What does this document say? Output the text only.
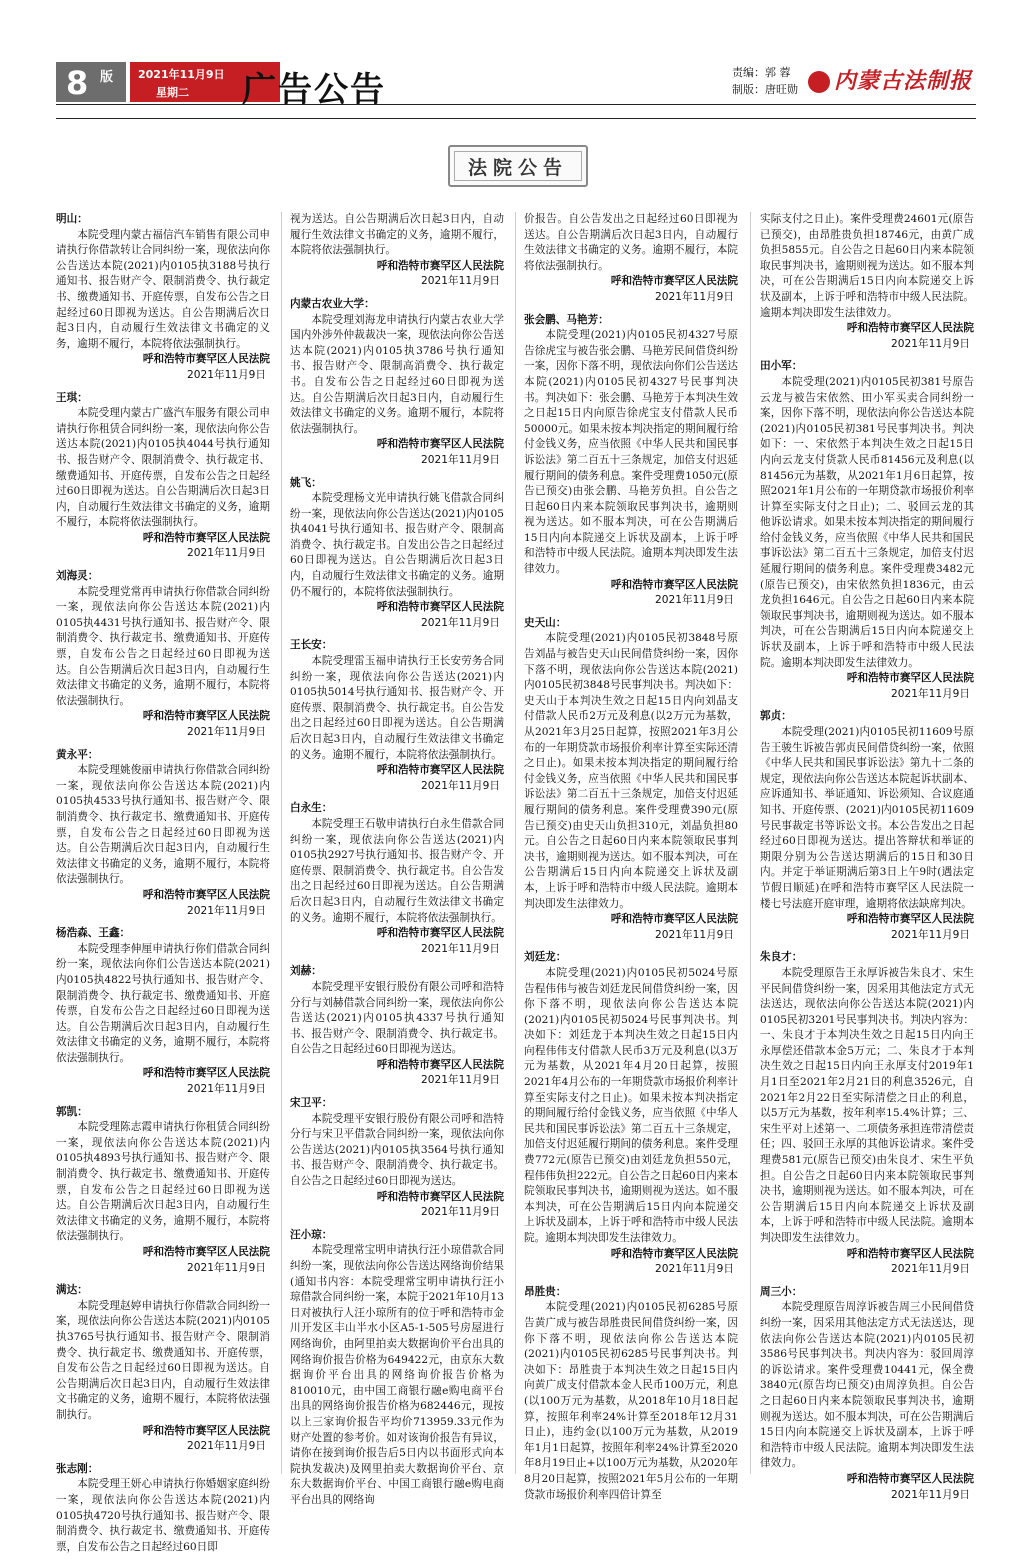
8 版 2021年11月9日
星期二 广告公告	责编：郭 蓉
制版：唐旺勋	内蒙古法制报
法院公告
明山：
本院受理内蒙古福信汽车销售有限公司申请执行你借款转让合同纠纷一案，现依法向你公告送达本院(2021)内0105执3188号执行通知书、报告财产令、限制消费令、执行裁定书、缴费通知书、开庭传票，自发布公告之日起经过60日即视为送达。自公告期满后次日起3日内，自动履行生效法律文书确定的义务，逾期不履行，本院将依法强制执行。
呼和浩特市赛罕区人民法院
2021年11月9日
王琪：
本院受理内蒙古广盛汽车服务有限公司申请执行你租赁合同纠纷一案，现依法向你公告送达本院(2021)内0105执4044号执行通知书、报告财产令、限制消费令、执行裁定书、缴费通知书、开庭传票，自发布公告之日起经过60日即视为送达。自公告期满后次日起3日内，自动履行生效法律文书确定的义务，逾期不履行，本院将依法强制执行。
呼和浩特市赛罕区人民法院
2021年11月9日
刘海灵：
本院受理党常再申请执行你借款合同纠纷一案，现依法向你公告送达本院(2021)内0105执4431号执行通知书、报告财产令、限制消费令、执行裁定书、缴费通知书、开庭传票，自发布公告之日起经过60日即视为送达。自公告期满后次日起3日内，自动履行生效法律文书确定的义务，逾期不履行，本院将依法强制执行。
呼和浩特市赛罕区人民法院
2021年11月9日
黄永平：
本院受理姚俊丽申请执行你借款合同纠纷一案，现依法向你公告送达本院(2021)内0105执4533号执行通知书、报告财产令、限制消费令、执行裁定书、缴费通知书、开庭传票，自发布公告之日起经过60日即视为送达。自公告期满后次日起3日内，自动履行生效法律文书确定的义务，逾期不履行，本院将依法强制执行。
呼和浩特市赛罕区人民法院
2021年11月9日
杨浩森、王鑫：
本院受理李伸厘申请执行你们借款合同纠纷一案，现依法向你们公告送达本院(2021)内0105执4822号执行通知书、报告财产令、限制消费令、执行裁定书、缴费通知书、开庭传票，自发布公告之日起经过60日即视为送达。自公告期满后次日起3日内，自动履行生效法律文书确定的义务，逾期不履行，本院将依法强制执行。
呼和浩特市赛罕区人民法院
2021年11月9日
郭凯：
本院受理陈志霞申请执行你租赁合同纠纷一案，现依法向你公告送达本院(2021)内0105执4893号执行通知书、报告财产令、限制消费令、执行裁定书、缴费通知书、开庭传票，自发布公告之日起经过60日即视为送达。自公告期满后次日起3日内，自动履行生效法律文书确定的义务，逾期不履行，本院将依法强制执行。
呼和浩特市赛罕区人民法院
2021年11月9日
满达：
本院受理赵婷申请执行你借款合同纠纷一案，现依法向你公告送达本院(2021)内0105执3765号执行通知书、报告财产令、限制消费令、执行裁定书、缴费通知书、开庭传票，自发布公告之日起经过60日即视为送达。自公告期满后次日起3日内，自动履行生效法律文书确定的义务，逾期不履行，本院将依法强制执行。
呼和浩特市赛罕区人民法院
2021年11月9日
张志刚：
本院受理王妍心申请执行你婚姻家庭纠纷一案，现依法向你公告送达本院(2021)内0105执4720号执行通知书、报告财产令、限制消费令、执行裁定书、缴费通知书、开庭传票，自发布公告之日起经过60日即
视为送达。自公告期满后次日起3日内，自动履行生效法律文书确定的义务，逾期不履行，本院将依法强制执行。
呼和浩特市赛罕区人民法院
2021年11月9日
内蒙古农业大学：
本院受理刘海龙申请执行内蒙古农业大学国内外涉外仲裁裁决一案，现依法向你公告送达本院(2021)内0105执3786号执行通知书、报告财产令、限制高消费令、执行裁定书。自发布公告之日起经过60日即视为送达。自公告期满后次日起3日内，自动履行生效法律文书确定的义务。逾期不履行，本院将依法强制执行。
呼和浩特市赛罕区人民法院
2021年11月9日
姚飞：
本院受理杨文光申请执行姚飞借款合同纠纷一案，现依法向你公告送达(2021)内0105执4041号执行通知书、报告财产令、限制高消费令、执行裁定书。自发出公告之日起经过60日即视为送达。自公告期满后次日起3日内，自动履行生效法律文书确定的义务。逾期仍不履行的，本院将依法强制执行。
呼和浩特市赛罕区人民法院
2021年11月9日
王长安：
本院受理雷玉福申请执行王长安劳务合同纠纷一案，现依法向你公告送达(2021)内0105执5014号执行通知书、报告财产令、开庭传票、限制消费令、执行裁定书。自公告发出之日起经过60日即视为送达。自公告期满后次日起3日内，自动履行生效法律文书确定的义务。逾期不履行，本院将依法强制执行。
呼和浩特市赛罕区人民法院
2021年11月9日
白永生：
本院受理王石敬申请执行白永生借款合同纠纷一案，现依法向你公告送达(2021)内0105执2927号执行通知书、报告财产令、开庭传票、限制消费令、执行裁定书。自公告发出之日起经过60日即视为送达。自公告期满后次日起3日内，自动履行生效法律文书确定的义务。逾期不履行，本院将依法强制执行。
呼和浩特市赛罕区人民法院
2021年11月9日
刘赫：
本院受理平安银行股份有限公司呼和浩特分行与刘赫借款合同纠纷一案，现依法向你公告送达(2021)内0105执4337号执行通知书、报告财产令、限制消费令、执行裁定书。自公告之日起经过60日即视为送达。
呼和浩特市赛罕区人民法院
2021年11月9日
宋卫平：
本院受理平安银行股份有限公司呼和浩特分行与宋卫平借款合同纠纷一案，现依法向你公告送达(2021)内0105执3564号执行通知书、报告财产令、限制消费令、执行裁定书。自公告之日起经过60日即视为送达。
呼和浩特市赛罕区人民法院
2021年11月9日
汪小琼：
本院受理常宝明申请执行汪小琼借款合同纠纷一案，现依法向你公告送达网络询价结果(通知书内容：本院受理常宝明申请执行汪小琼借款合同纠纷一案，本院于2021年10月13日对被执行人汪小琼所有的位于呼和浩特市金川开发区丰山半水小区A5-1-505号房屋进行网络询价，由阿里拍卖大数据询价平台出具的网络询价报告价格为649422元，由京东大数据询价平台出具的网络询价报告价格为810010元，由中国工商银行融e购电商平台出具的网络询价报告价格为682446元，现按以上三家询价报告平均价713959.33元作为财产处置的参考价。如对该询价报告有异议，请你在接到询价报告后5日内以书面形式向本院执发裁决)及网里拍卖大数据询价平台、京东大数据询价平台、中国工商银行融e购电商平台出具的网络询
价报告。自公告发出之日起经过60日即视为送达。自公告期满后次日起3日内，自动履行生效法律文书确定的义务。逾期不履行，本院将依法强制执行。
呼和浩特市赛罕区人民法院
2021年11月9日
张会鹏、马艳芳：
本院受理(2021)内0105民初4327号原告徐虎宝与被告张会鹏、马艳芳民间借贷纠纷一案，因你下落不明，现依法向你们公告送达本院(2021)内0105民初4327号民事判决书。判决如下：张会鹏、马艳芳于本判决生效之日起15日内向原告徐虎宝支付借款人民币50000元。如果未按本判决指定的期间履行给付金钱义务，应当依照《中华人民共和国民事诉讼法》第二百五十三条规定，加倍支付迟延履行期间的债务利息。案件受理费1050元(原告已预交)由张会鹏、马艳芳负担。自公告之日起60日内来本院领取民事判决书，逾期则视为送达。如不服本判决，可在公告期满后15日内向本院递交上诉状及副本，上诉于呼和浩特市中级人民法院。逾期本判决即发生法律效力。
呼和浩特市赛罕区人民法院
2021年11月9日
史天山：
本院受理(2021)内0105民初3848号原告刘晶与被告史天山民间借贷纠纷一案，因你下落不明，现依法向你公告送达本院(2021)内0105民初3848号民事判决书。判决如下：史天山于本判决生效之日起15日内向刘晶支付借款人民币2万元及利息(以2万元为基数，从2021年3月25日起算，按照2021年3月公布的一年期贷款市场报价利率计算至实际还清之日止)。如果未按本判决指定的期间履行给付金钱义务，应当依照《中华人民共和国民事诉讼法》第二百五十三条规定，加倍支付迟延履行期间的债务利息。案件受理费390元(原告已预交)由史天山负担310元，刘晶负担80元。自公告之日起60日内来本院领取民事判决书，逾期则视为送达。如不服本判决，可在公告期满后15日内向本院递交上诉状及副本，上诉于呼和浩特市中级人民法院。逾期本判决即发生法律效力。
呼和浩特市赛罕区人民法院
2021年11月9日
刘廷龙：
本院受理(2021)内0105民初5024号原告程伟伟与被告刘廷龙民间借贷纠纷一案，因你下落不明，现依法向你公告送达本院(2021)内0105民初5024号民事判决书。判决如下：刘廷龙于本判决生效之日起15日内向程伟伟支付借款人民币3万元及利息(以3万元为基数，从2021年4月20日起算，按照2021年4月公布的一年期贷款市场报价利率计算至实际支付之日止)。如果未按本判决指定的期间履行给付金钱义务，应当依照《中华人民共和国民事诉讼法》第二百五十三条规定，加倍支付迟延履行期间的债务利息。案件受理费772元(原告已预交)由刘廷龙负担550元，程伟伟负担222元。自公告之日起60日内来本院领取民事判决书，逾期则视为送达。如不服本判决，可在公告期满后15日内向本院递交上诉状及副本，上诉于呼和浩特市中级人民法院。逾期本判决即发生法律效力。
呼和浩特市赛罕区人民法院
2021年11月9日
昂胜贵：
本院受理(2021)内0105民初6285号原告黄广成与被告昂胜贵民间借贷纠纷一案，因你下落不明，现依法向你公告送达本院(2021)内0105民初6285号民事判决书。判决如下：昂胜贵于本判决生效之日起15日内向黄广成支付借款本金人民币100万元，利息(以100万元为基数，从2018年10月18日起算，按照年利率24%计算至2018年12月31日止)，违约金(以100万元为基数，从2019年1月1日起算，按照年利率24%计算至2020年8月19日止+以100万元为基数，从2020年8月20日起算，按照2021年5月公布的一年期贷款市场报价利率四倍计算至
实际支付之日止)。案件受理费24601元(原告已预交)，由昂胜贵负担18746元，由黄广成负担5855元。自公告之日起60日内来本院领取民事判决书，逾期则视为送达。如不服本判决，可在公告期满后15日内向本院递交上诉状及副本，上诉于呼和浩特市中级人民法院。逾期本判决即发生法律效力。
呼和浩特市赛罕区人民法院
2021年11月9日
田小军：
本院受理(2021)内0105民初381号原告云龙与被告宋依然、田小军买卖合同纠纷一案，因你下落不明，现依法向你公告送达本院(2021)内0105民初381号民事判决书。判决如下：一、宋依然于本判决生效之日起15日内向云龙支付货款人民币81456元及利息(以81456元为基数，从2021年1月6日起算，按照2021年1月公布的一年期贷款市场报价利率计算至实际支付之日止)；二、驳回云龙的其他诉讼请求。如果未按本判决指定的期间履行给付金钱义务，应当依照《中华人民共和国民事诉讼法》第二百五十三条规定，加倍支付迟延履行期间的债务利息。案件受理费3482元(原告已预交)，由宋依然负担1836元，由云龙负担1646元。自公告之日起60日内来本院领取民事判决书，逾期则视为送达。如不服本判决，可在公告期满后15日内向本院递交上诉状及副本，上诉于呼和浩特市中级人民法院。逾期本判决即发生法律效力。
呼和浩特市赛罕区人民法院
2021年11月9日
郭贞：
本院受理(2021)内0105民初11609号原告王骏生诉被告郭贞民间借贷纠纷一案，依照《中华人民共和国民事诉讼法》第九十二条的规定，现依法向你公告送达本院起诉状副本、应诉通知书、举证通知、诉讼须知、合议庭通知书、开庭传票、(2021)内0105民初11609号民事裁定书等诉讼文书。本公告发出之日起经过60日即视为送达。提出答辩状和举证的期限分别为公告送达期满后的15日和30日内。并定于举证期满后第3日上午9时(遇法定节假日顺延)在呼和浩特市赛罕区人民法院一楼七号法庭开庭审理，逾期将依法缺席判决。
呼和浩特市赛罕区人民法院
2021年11月9日
朱良才：
本院受理原告王永厚诉被告朱良才、宋生平民间借贷纠纷一案，因采用其他法定方式无法送达，现依法向你公告送达本院(2021)内0105民初3201号民事判决书。判决内容为：一、朱良才于本判决生效之日起15日内向王永厚偿还借款本金5万元；二、朱良才于本判决生效之日起15日内向王永厚支付2019年1月1日至2021年2月21日的利息3526元，自2021年2月22日至实际清偿之日止的利息，以5万元为基数，按年利率15.4%计算；三、宋生平对上述第一、二项债务承担连带清偿责任；四、驳回王永厚的其他诉讼请求。案件受理费581元(原告已预交)由朱良才、宋生平负担。自公告之日起60日内来本院领取民事判决书，逾期则视为送达。如不服本判决，可在公告期满后15日内向本院递交上诉状及副本，上诉于呼和浩特市中级人民法院。逾期本判决即发生法律效力。
呼和浩特市赛罕区人民法院
2021年11月9日
周三小：
本院受理原告周淳诉被告周三小民间借贷纠纷一案，因采用其他法定方式无法送达，现依法向你公告送达本院(2021)内0105民初3586号民事判决书。判决内容为：驳回周淳的诉讼请求。案件受理费10441元，保全费3840元(原告均已预交)由周淳负担。自公告之日起60日内来本院领取民事判决书，逾期则视为送达。如不服本判决，可在公告期满后15日内向本院递交上诉状及副本，上诉于呼和浩特市中级人民法院。逾期本判决即发生法律效力。
呼和浩特市赛罕区人民法院
2021年11月9日
